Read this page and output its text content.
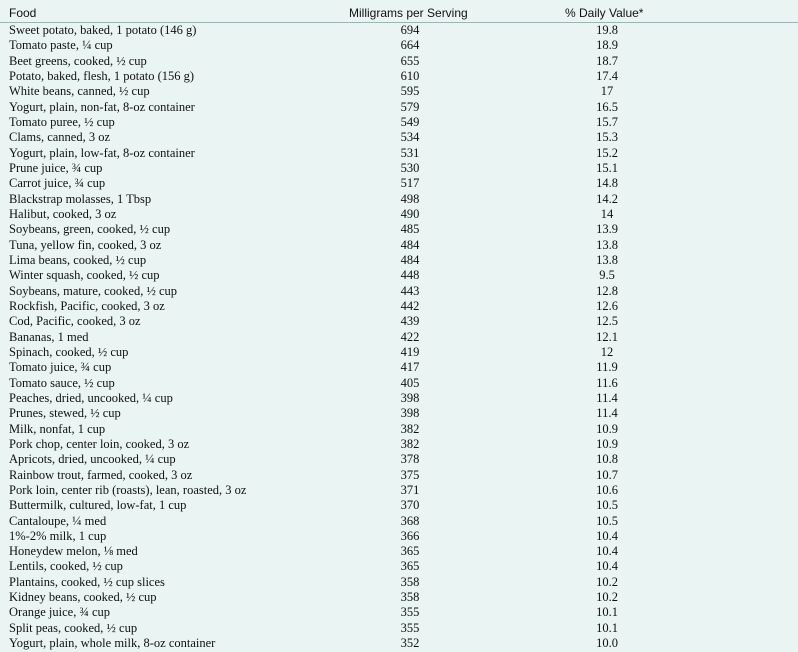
Food	Milligrams per Serving	% Daily Value*
Sweet potato, baked, 1 potato (146 g)	694	19.8
Tomato paste, ¼ cup	664	18.9
Beet greens, cooked, ½ cup	655	18.7
Potato, baked, flesh, 1 potato (156 g)	610	17.4
White beans, canned, ½ cup	595	17
Yogurt, plain, non-fat, 8-oz container	579	16.5
Tomato puree, ½ cup	549	15.7
Clams, canned, 3 oz	534	15.3
Yogurt, plain, low-fat, 8-oz container	531	15.2
Prune juice, ¾ cup	530	15.1
Carrot juice, ¾ cup	517	14.8
Blackstrap molasses, 1 Tbsp	498	14.2
Halibut, cooked, 3 oz	490	14
Soybeans, green, cooked, ½ cup	485	13.9
Tuna, yellow fin, cooked, 3 oz	484	13.8
Lima beans, cooked, ½ cup	484	13.8
Winter squash, cooked, ½ cup	448	9.5
Soybeans, mature, cooked, ½ cup	443	12.8
Rockfish, Pacific, cooked, 3 oz	442	12.6
Cod, Pacific, cooked, 3 oz	439	12.5
Bananas, 1 med	422	12.1
Spinach, cooked, ½ cup	419	12
Tomato juice, ¾ cup	417	11.9
Tomato sauce, ½ cup	405	11.6
Peaches, dried, uncooked, ¼ cup	398	11.4
Prunes, stewed, ½ cup	398	11.4
Milk, nonfat, 1 cup	382	10.9
Pork chop, center loin, cooked, 3 oz	382	10.9
Apricots, dried, uncooked, ¼ cup	378	10.8
Rainbow trout, farmed, cooked, 3 oz	375	10.7
Pork loin, center rib (roasts), lean, roasted, 3 oz	371	10.6
Buttermilk, cultured, low-fat, 1 cup	370	10.5
Cantaloupe, ¼ med	368	10.5
1%-2% milk, 1 cup	366	10.4
Honeydew melon, ⅛ med	365	10.4
Lentils, cooked, ½ cup	365	10.4
Plantains, cooked, ½ cup slices	358	10.2
Kidney beans, cooked, ½ cup	358	10.2
Orange juice, ¾ cup	355	10.1
Split peas, cooked, ½ cup	355	10.1
Yogurt, plain, whole milk, 8-oz container	352	10.0
